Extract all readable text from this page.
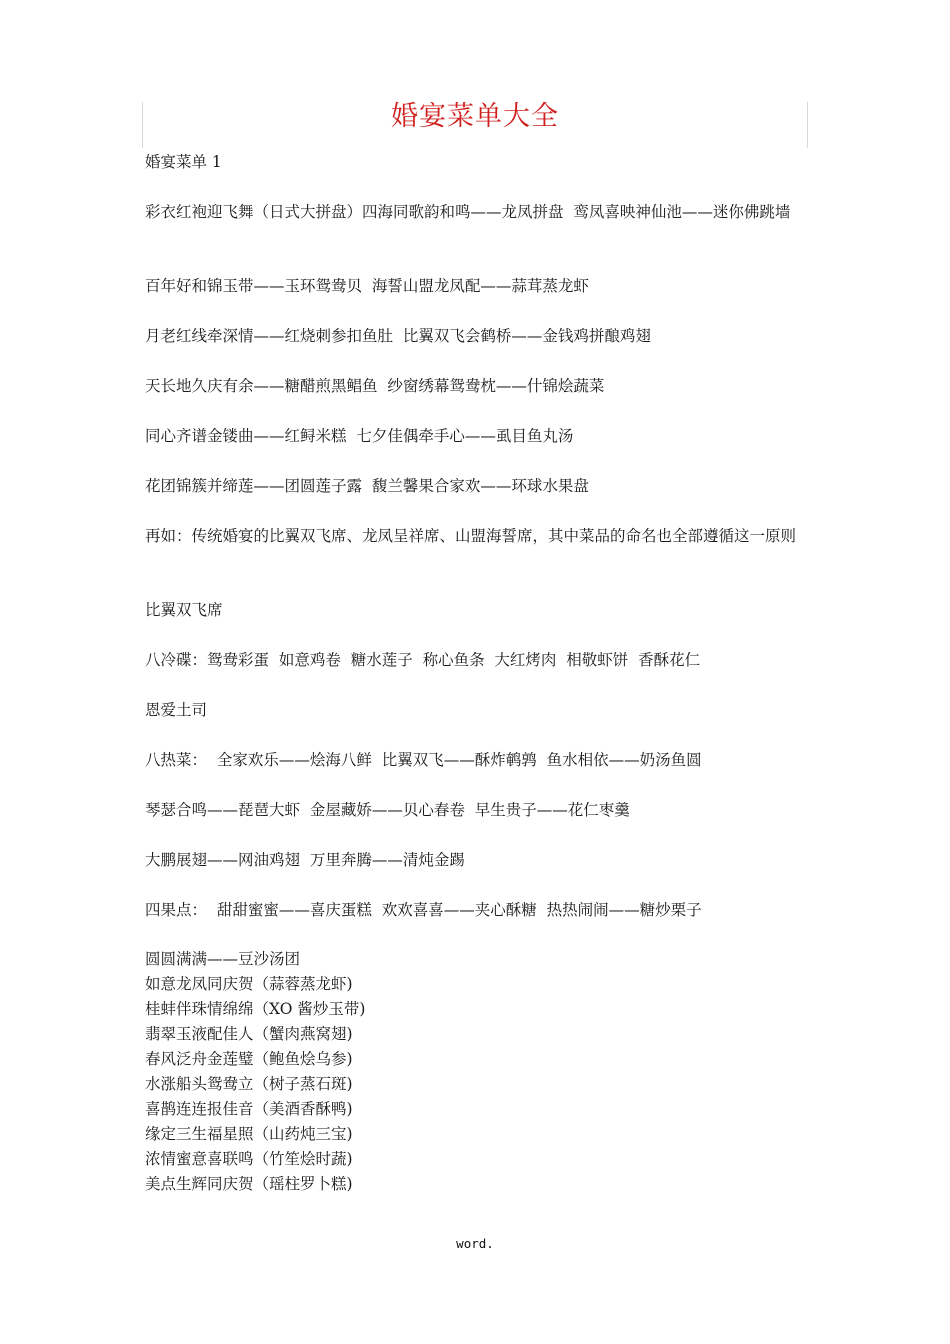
婚宴菜单大全
婚宴菜单 1
彩衣红袍迎飞舞（日式大拼盘）四海同歌韵和鸣——龙凤拼盘  鸾凤喜映神仙池——迷你佛跳墙
百年好和锦玉带——玉环鸳鸯贝  海誓山盟龙凤配——蒜茸蒸龙虾
月老红线牵深情——红烧刺参扣鱼肚  比翼双飞会鹤桥——金钱鸡拼酿鸡翅
天长地久庆有余——糖醋煎黑鲳鱼  纱窗绣幕鸳鸯枕——什锦烩蔬菜
同心齐谱金镂曲——红鲟米糕  七夕佳偶牵手心——虱目鱼丸汤
花团锦簇并缔莲——团圆莲子露  馥兰馨果合家欢——环球水果盘
再如：传统婚宴的比翼双飞席、龙凤呈祥席、山盟海誓席，其中菜品的命名也全部遵循这一原则
比翼双飞席
八冷碟：鸳鸯彩蛋  如意鸡卷  糖水莲子  称心鱼条  大红烤肉  相敬虾饼  香酥花仁
恩爱土司
八热菜：  全家欢乐——烩海八鲜  比翼双飞——酥炸鹌鹑  鱼水相依——奶汤鱼圆
琴瑟合鸣——琵琶大虾  金屋藏娇——贝心春卷  早生贵子——花仁枣羹
大鹏展翅——网油鸡翅  万里奔腾——清炖金踢
四果点：  甜甜蜜蜜——喜庆蛋糕  欢欢喜喜——夹心酥糖  热热闹闹——糖炒栗子
圆圆满满——豆沙汤团
如意龙凤同庆贺（蒜蓉蒸龙虾)
桂蚌伴珠情绵绵（XO 酱炒玉带)
翡翠玉液配佳人（蟹肉燕窝翅)
春风泛舟金莲璧（鲍鱼烩乌参)
水涨船头鸳鸯立（树子蒸石斑)
喜鹊连连报佳音（美酒香酥鸭)
缘定三生福星照（山药炖三宝)
浓情蜜意喜联鸣（竹笙烩时蔬)
美点生辉同庆贺（瑶柱罗卜糕)
word.
